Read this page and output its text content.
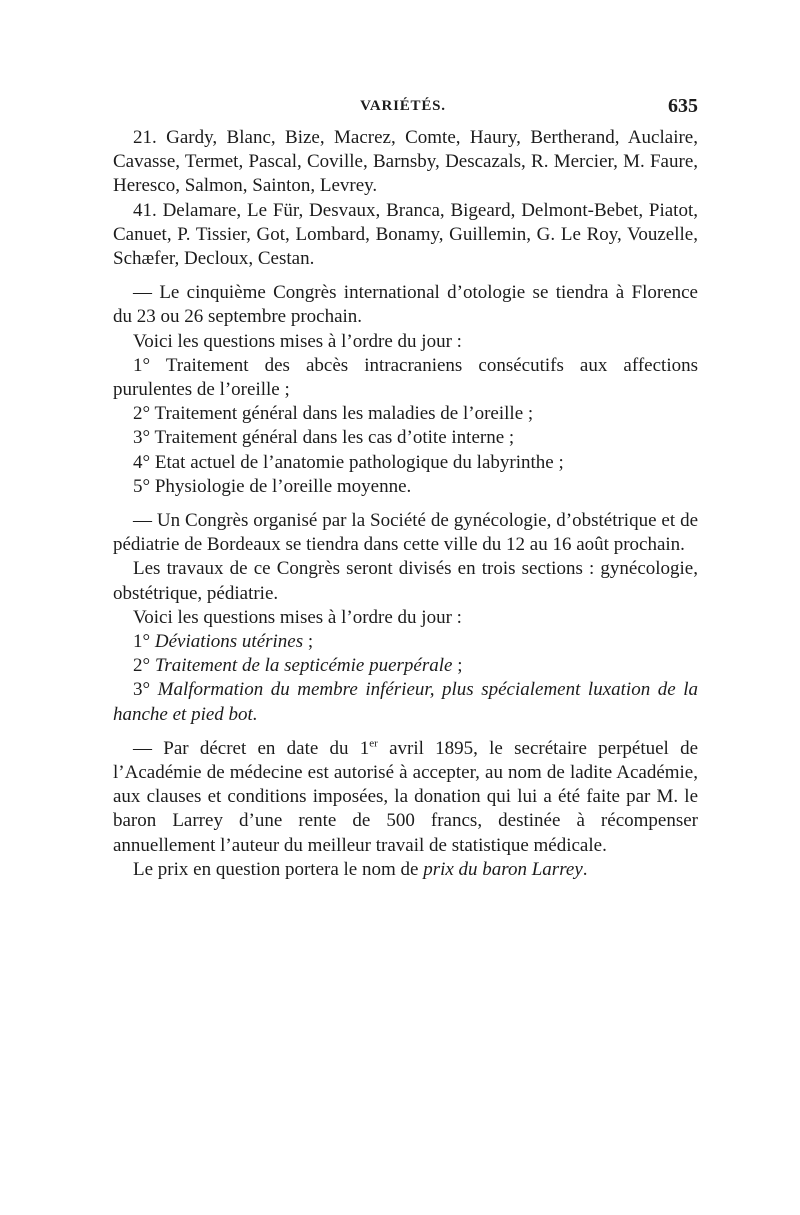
VARIÉTÉS.	635

21. Gardy, Blanc, Bize, Macrez, Comte, Haury, Bertherand, Auclaire, Cavasse, Termet, Pascal, Coville, Barnsby, Descazals, R. Mercier, M. Faure, Heresco, Salmon, Sainton, Levrey.

41. Delamare, Le Für, Desvaux, Branca, Bigeard, Delmont-Bebet, Piatot, Canuet, P. Tissier, Got, Lombard, Bonamy, Guillemin, G. Le Roy, Vouzelle, Schæfer, Decloux, Cestan.

— Le cinquième Congrès international d’otologie se tiendra à Florence du 23 ou 26 septembre prochain.

Voici les questions mises à l’ordre du jour :

1° Traitement des abcès intracraniens consécutifs aux affections purulentes de l’oreille ;

2° Traitement général dans les maladies de l’oreille ;

3° Traitement général dans les cas d’otite interne ;

4° Etat actuel de l’anatomie pathologique du labyrinthe ;

5° Physiologie de l’oreille moyenne.

— Un Congrès organisé par la Société de gynécologie, d’obstétrique et de pédiatrie de Bordeaux se tiendra dans cette ville du 12 au 16 août prochain.

Les travaux de ce Congrès seront divisés en trois sections : gynécologie, obstétrique, pédiatrie.

Voici les questions mises à l’ordre du jour :

1° Déviations utérines ;

2° Traitement de la septicémie puerpérale ;

3° Malformation du membre inférieur, plus spécialement luxation de la hanche et pied bot.

— Par décret en date du 1er avril 1895, le secrétaire perpétuel de l’Académie de médecine est autorisé à accepter, au nom de ladite Académie, aux clauses et conditions imposées, la donation qui lui a été faite par M. le baron Larrey d’une rente de 500 francs, destinée à récompenser annuellement l’auteur du meilleur travail de statistique médicale.

Le prix en question portera le nom de prix du baron Larrey.
